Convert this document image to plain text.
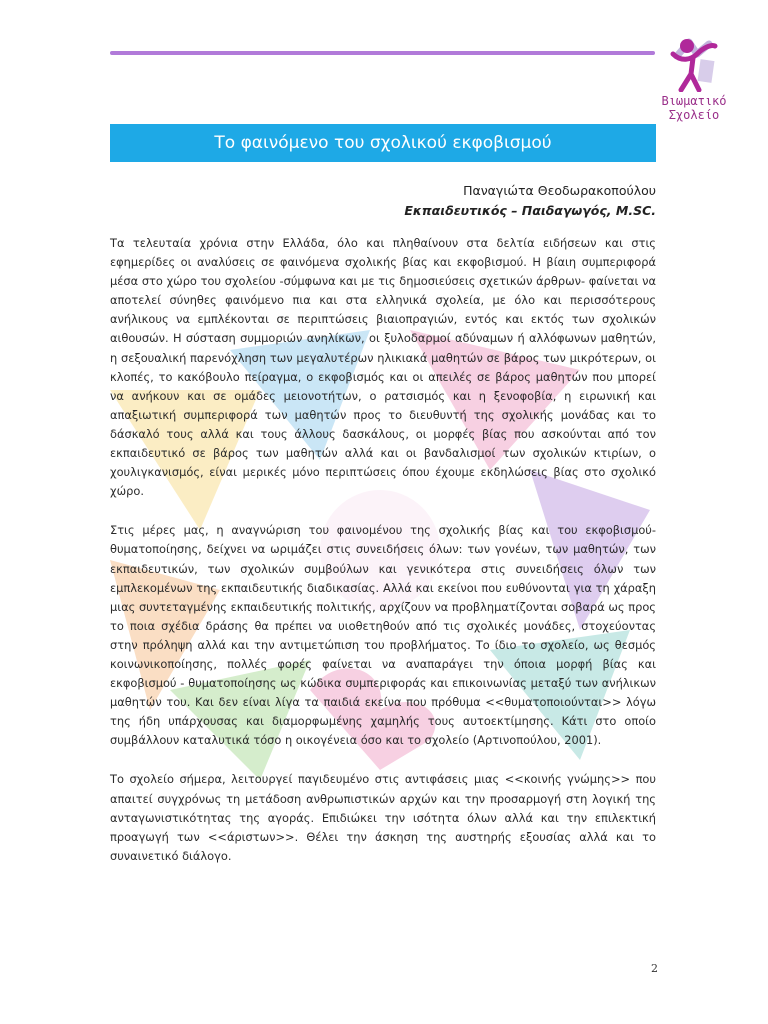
Βιωματικό
Σχολείο
Το φαινόμενο του σχολικού εκφοβισμού
Παναγιώτα Θεοδωρακοπούλου
Εκπαιδευτικός – Παιδαγωγός, M.SC.

Τα τελευταία χρόνια στην Ελλάδα, όλο και πληθαίνουν στα δελτία ειδήσεων και στις εφημερίδες οι αναλύσεις σε φαινόμενα σχολικής βίας και εκφοβισμού. Η βίαιη συμπεριφορά μέσα στο χώρο του σχολείου -σύμφωνα και με τις δημοσιεύσεις σχετικών άρθρων- φαίνεται να αποτελεί σύνηθες φαινόμενο πια και στα ελληνικά σχολεία, με όλο και περισσότερους ανήλικους να εμπλέκονται σε περιπτώσεις βιαιοπραγιών, εντός και εκτός των σχολικών αιθουσών. Η σύσταση συμμοριών ανηλίκων, οι ξυλοδαρμοί αδύναμων ή αλλόφωνων μαθητών, η σεξουαλική παρενόχληση των μεγαλυτέρων ηλικιακά μαθητών σε βάρος των μικρότερων, οι κλοπές, το κακόβουλο πείραγμα, ο εκφοβισμός και οι απειλές σε βάρος μαθητών που μπορεί να ανήκουν και σε ομάδες μειονοτήτων, ο ρατσισμός και η ξενοφοβία, η ειρωνική και απαξιωτική συμπεριφορά των μαθητών προς το διευθυντή της σχολικής μονάδας και το δάσκαλό τους αλλά και τους άλλους δασκάλους, οι μορφές βίας που ασκούνται από τον εκπαιδευτικό σε βάρος των μαθητών αλλά και οι βανδαλισμοί των σχολικών κτιρίων, ο χουλιγκανισμός, είναι μερικές μόνο περιπτώσεις όπου έχουμε εκδηλώσεις βίας στο σχολικό χώρο.

Στις μέρες μας, η αναγνώριση του φαινομένου της σχολικής βίας και του εκφοβισμού-θυματοποίησης, δείχνει να ωριμάζει στις συνειδήσεις όλων: των γονέων, των μαθητών, των εκπαιδευτικών, των σχολικών συμβούλων και γενικότερα στις συνειδήσεις όλων των εμπλεκομένων της εκπαιδευτικής διαδικασίας. Αλλά και εκείνοι που ευθύνονται για τη χάραξη μιας συντεταγμένης εκπαιδευτικής πολιτικής, αρχίζουν να προβληματίζονται σοβαρά ως προς το ποια σχέδια δράσης θα πρέπει να υιοθετηθούν από τις σχολικές μονάδες, στοχεύοντας στην πρόληψη αλλά και την αντιμετώπιση του προβλήματος. Το ίδιο το σχολείο, ως θεσμός κοινωνικοποίησης, πολλές φορές φαίνεται να αναπαράγει την όποια μορφή βίας και εκφοβισμού - θυματοποίησης ως κώδικα συμπεριφοράς και επικοινωνίας μεταξύ των ανήλικων μαθητών του. Και δεν είναι λίγα τα παιδιά εκείνα που πρόθυμα <<θυματοποιούνται>> λόγω της ήδη υπάρχουσας και διαμορφωμένης χαμηλής τους αυτοεκτίμησης. Κάτι στο οποίο συμβάλλουν καταλυτικά τόσο η οικογένεια όσο και το σχολείο (Αρτινοπούλου, 2001).

Το σχολείο σήμερα, λειτουργεί παγιδευμένο στις αντιφάσεις μιας <<κοινής γνώμης>> που απαιτεί συγχρόνως τη μετάδοση ανθρωπιστικών αρχών και την προσαρμογή στη λογική της ανταγωνιστικότητας της αγοράς. Επιδιώκει την ισότητα όλων αλλά και την επιλεκτική προαγωγή των <<άριστων>>. Θέλει την άσκηση της αυστηρής εξουσίας αλλά και το συναινετικό διάλογο.

2
